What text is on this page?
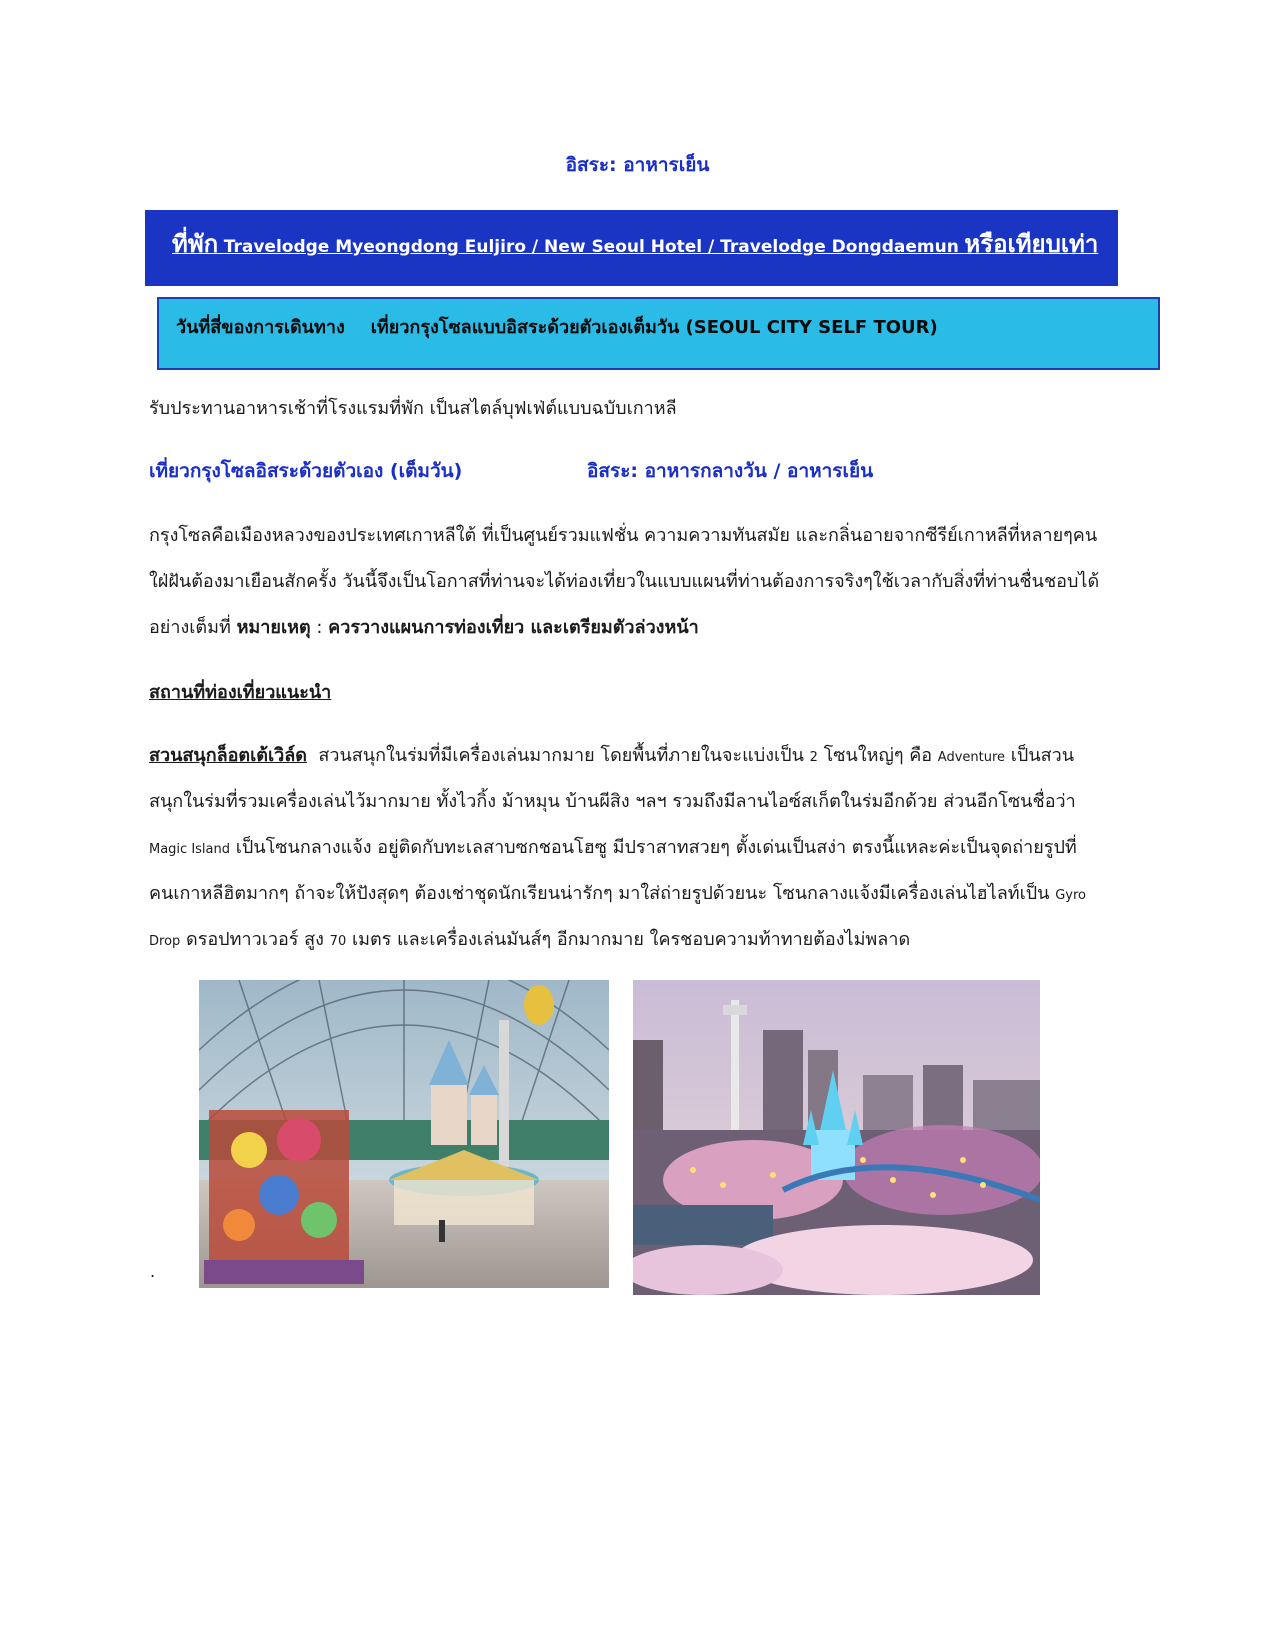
อิสระ: อาหารเย็น
ที่พัก Travelodge Myeongdong Euljiro / New Seoul Hotel / Travelodge Dongdaemun หรือเทียบเท่า
วันที่สี่ของการเดินทาง เที่ยวกรุงโซลแบบอิสระด้วยตัวเองเต็มวัน (SEOUL CITY SELF TOUR)
รับประทานอาหารเช้าที่โรงแรมที่พัก เป็นสไตล์บุฟเฟ่ต์แบบฉบับเกาหลี
เที่ยวกรุงโซลอิสระด้วยตัวเอง (เต็มวัน)	อิสระ: อาหารกลางวัน / อาหารเย็น
กรุงโซลคือเมืองหลวงของประเทศเกาหลีใต้ ที่เป็นศูนย์รวมแฟชั่น ความความทันสมัย และกลิ่นอายจากซีรีย์เกาหลีที่หลายๆคน
ใฝ่ฝันต้องมาเยือนสักครั้ง วันนี้จึงเป็นโอกาสที่ท่านจะได้ท่องเที่ยวในแบบแผนที่ท่านต้องการจริงๆใช้เวลากับสิ่งที่ท่านชื่นชอบได้
อย่างเต็มที่ หมายเหตุ : ควรวางแผนการท่องเที่ยว และเตรียมตัวล่วงหน้า
สถานที่ท่องเที่ยวแนะนำ
สวนสนุกล็อตเต้เวิล์ด สวนสนุกในร่มที่มีเครื่องเล่นมากมาย โดยพื้นที่ภายในจะแบ่งเป็น 2 โซนใหญ่ๆ คือ Adventure เป็นสวน
สนุกในร่มที่รวมเครื่องเล่นไว้มากมาย ทั้งไวกิ้ง ม้าหมุน บ้านผีสิง ฯลฯ รวมถึงมีลานไอซ์สเก็ตในร่มอีกด้วย ส่วนอีกโซนชื่อว่า
Magic Island เป็นโซนกลางแจ้ง อยู่ติดกับทะเลสาบซกชอนโฮซู มีปราสาทสวยๆ ตั้งเด่นเป็นสง่า ตรงนี้แหละค่ะเป็นจุดถ่ายรูปที่
คนเกาหลีฮิตมากๆ ถ้าจะให้ปังสุดๆ ต้องเช่าชุดนักเรียนน่ารักๆ มาใส่ถ่ายรูปด้วยนะ โซนกลางแจ้งมีเครื่องเล่นไฮไลท์เป็น Gyro
Drop ดรอปทาวเวอร์ สูง 70 เมตร และเครื่องเล่นมันส์ๆ อีกมากมาย ใครชอบความท้าทายต้องไม่พลาด
.
